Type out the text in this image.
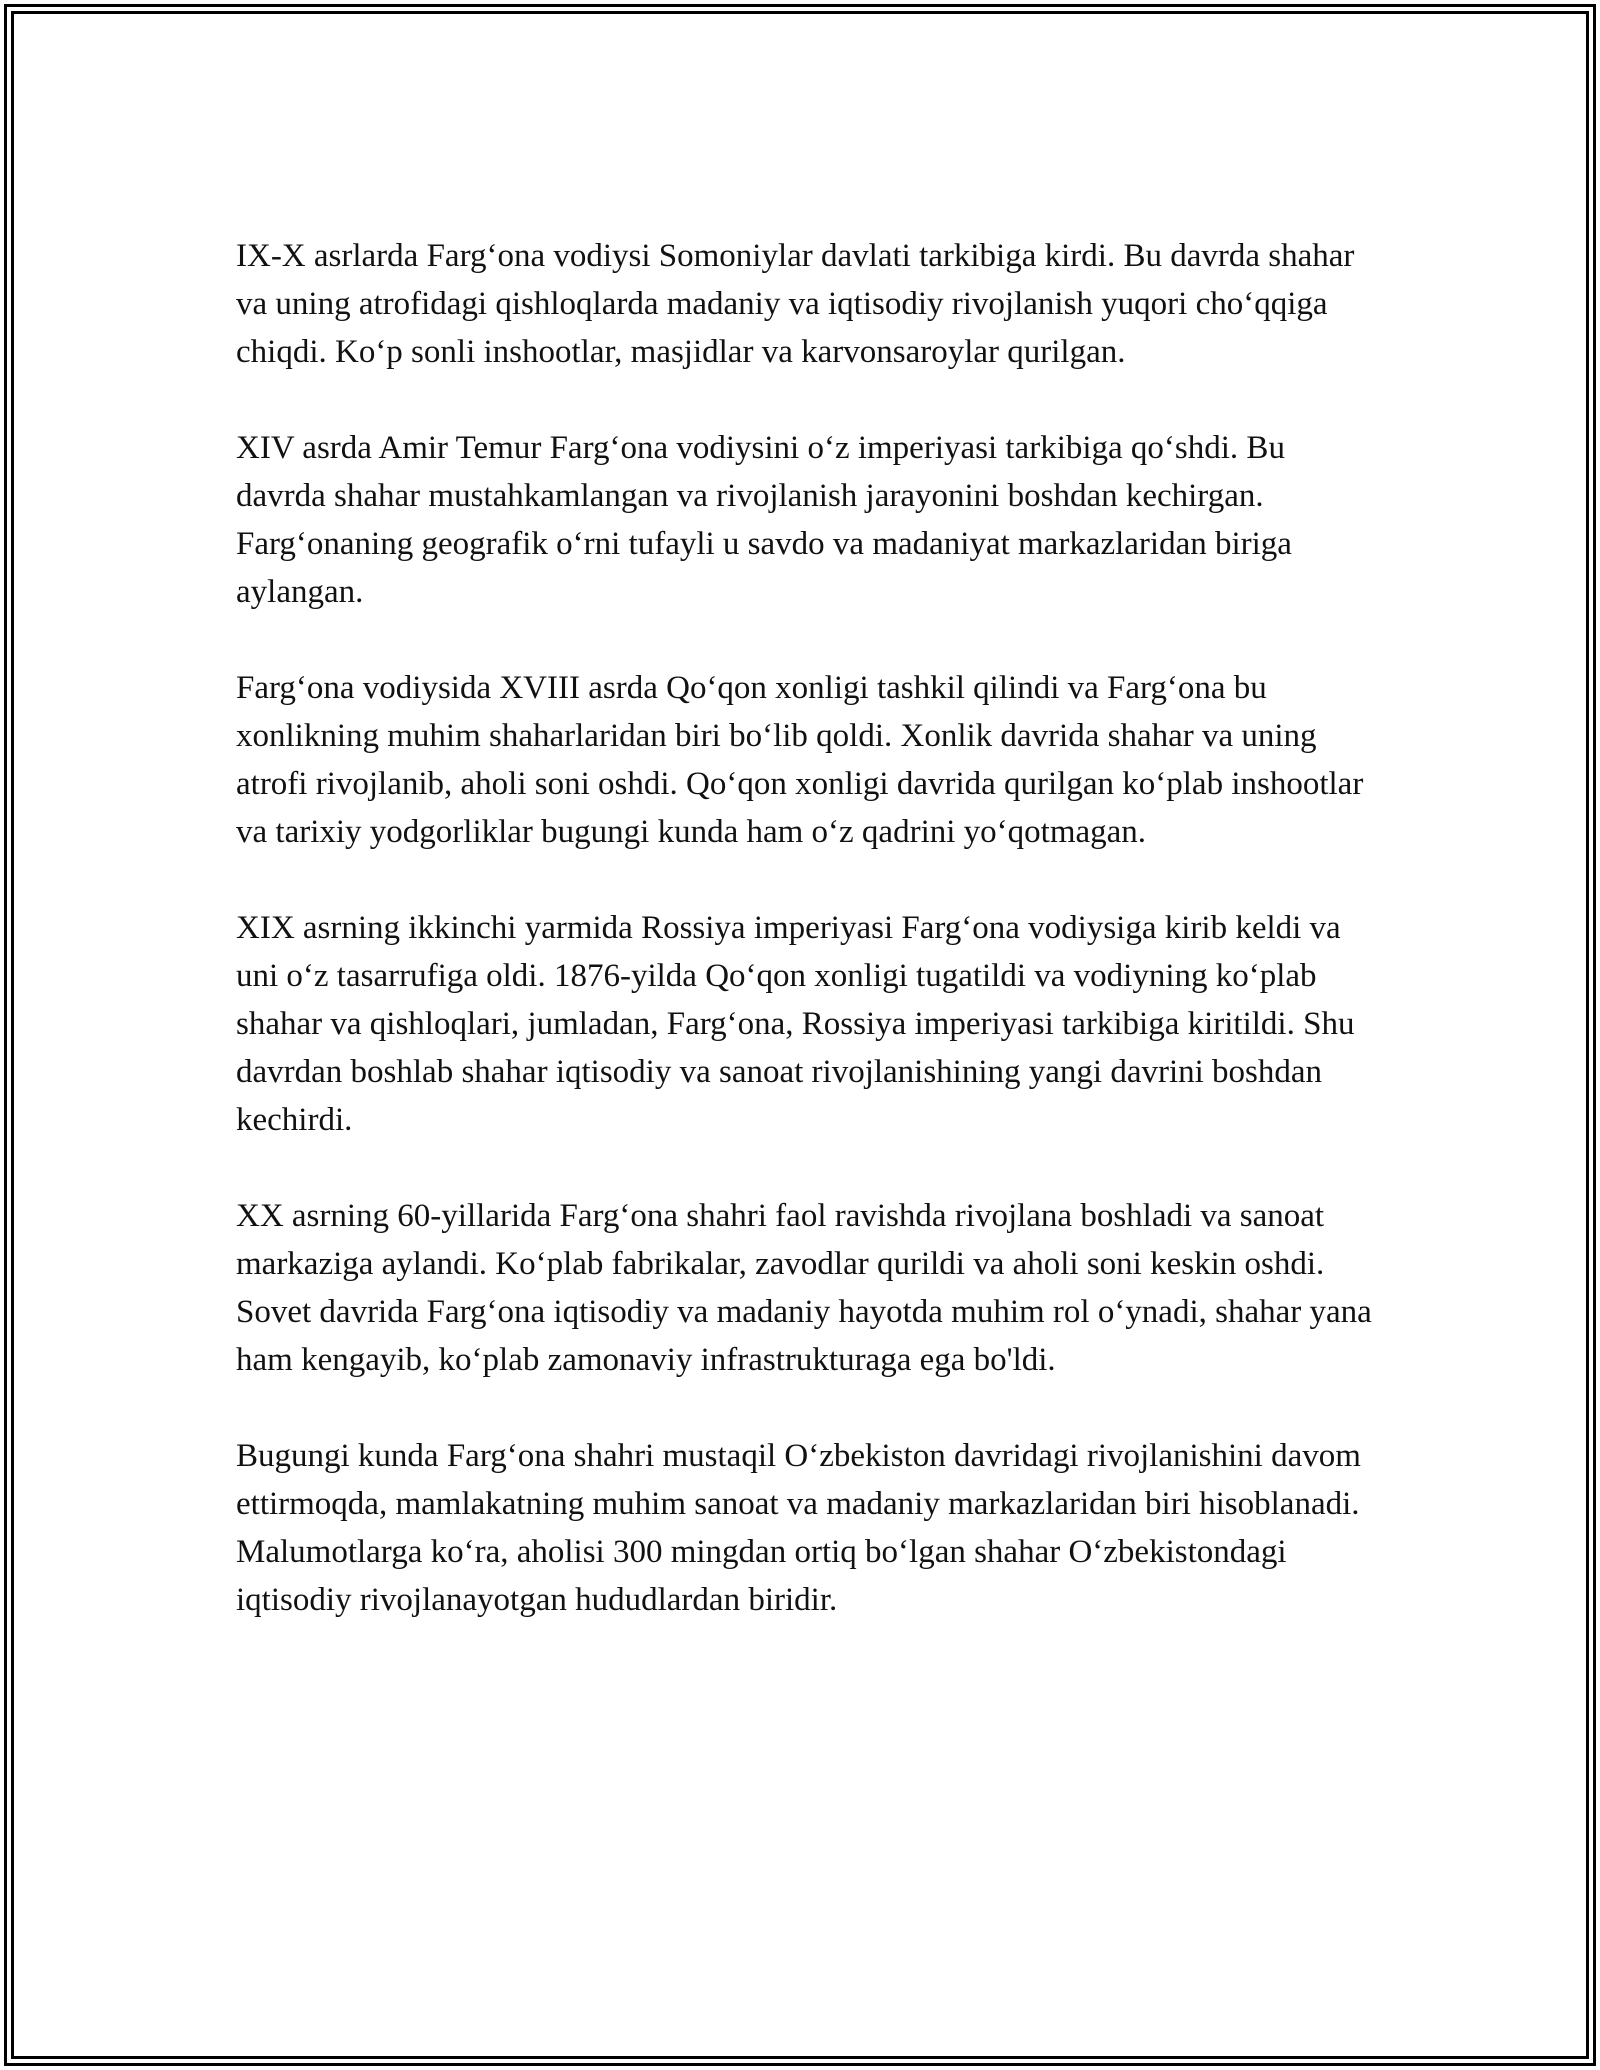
IX-X asrlarda Farg‘ona vodiysi Somoniylar davlati tarkibiga kirdi. Bu davrda shahar va uning atrofidagi qishloqlarda madaniy va iqtisodiy rivojlanish yuqori cho‘qqiga chiqdi. Ko‘p sonli inshootlar, masjidlar va karvonsaroylar qurilgan.

XIV asrda Amir Temur Farg‘ona vodiysini o‘z imperiyasi tarkibiga qo‘shdi. Bu davrda shahar mustahkamlangan va rivojlanish jarayonini boshdan kechirgan. Farg‘onaning geografik o‘rni tufayli u savdo va madaniyat markazlaridan biriga aylangan.

Farg‘ona vodiysida XVIII asrda Qo‘qon xonligi tashkil qilindi va Farg‘ona bu xonlikning muhim shaharlaridan biri bo‘lib qoldi. Xonlik davrida shahar va uning atrofi rivojlanib, aholi soni oshdi. Qo‘qon xonligi davrida qurilgan ko‘plab inshootlar va tarixiy yodgorliklar bugungi kunda ham o‘z qadrini yo‘qotmagan.

XIX asrning ikkinchi yarmida Rossiya imperiyasi Farg‘ona vodiysiga kirib keldi va uni o‘z tasarrufiga oldi. 1876-yilda Qo‘qon xonligi tugatildi va vodiyning ko‘plab shahar va qishloqlari, jumladan, Farg‘ona, Rossiya imperiyasi tarkibiga kiritildi. Shu davrdan boshlab shahar iqtisodiy va sanoat rivojlanishining yangi davrini boshdan kechirdi.

XX asrning 60-yillarida Farg‘ona shahri faol ravishda rivojlana boshladi va sanoat markaziga aylandi. Ko‘plab fabrikalar, zavodlar qurildi va aholi soni keskin oshdi. Sovet davrida Farg‘ona iqtisodiy va madaniy hayotda muhim rol o‘ynadi, shahar yana ham kengayib, ko‘plab zamonaviy infrastrukturaga ega bo'ldi.

Bugungi kunda Farg‘ona shahri mustaqil O‘zbekiston davridagi rivojlanishini davom ettirmoqda, mamlakatning muhim sanoat va madaniy markazlaridan biri hisoblanadi. Malumotlarga ko‘ra, aholisi 300 mingdan ortiq bo‘lgan shahar O‘zbekistondagi iqtisodiy rivojlanayotgan hududlardan biridir.
